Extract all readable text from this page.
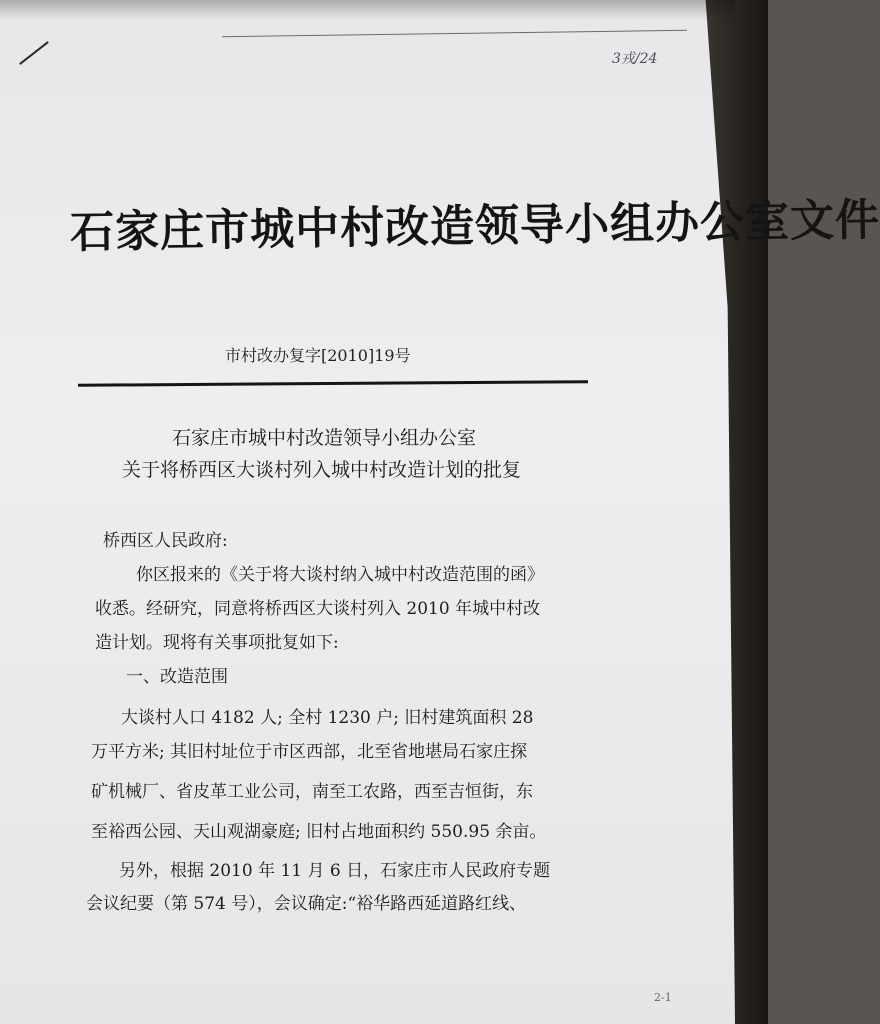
3戎/24
石家庄市城中村改造领导小组办公室文件
市村改办复字[2010]19号
石家庄市城中村改造领导小组办公室
关于将桥西区大谈村列入城中村改造计划的批复
桥西区人民政府:
你区报来的《关于将大谈村纳入城中村改造范围的函》
收悉。经研究，同意将桥西区大谈村列入 2010 年城中村改
造计划。现将有关事项批复如下:
一、改造范围
大谈村人口 4182 人; 全村 1230 户; 旧村建筑面积 28
万平方米; 其旧村址位于市区西部，北至省地堪局石家庄探
矿机械厂、省皮革工业公司，南至工农路，西至吉恒街，东
至裕西公园、天山观湖豪庭; 旧村占地面积约 550.95 余亩。
另外，根据 2010 年 11 月 6 日，石家庄市人民政府专题
会议纪要（第 574 号），会议确定:“裕华路西延道路红线、
2-1
